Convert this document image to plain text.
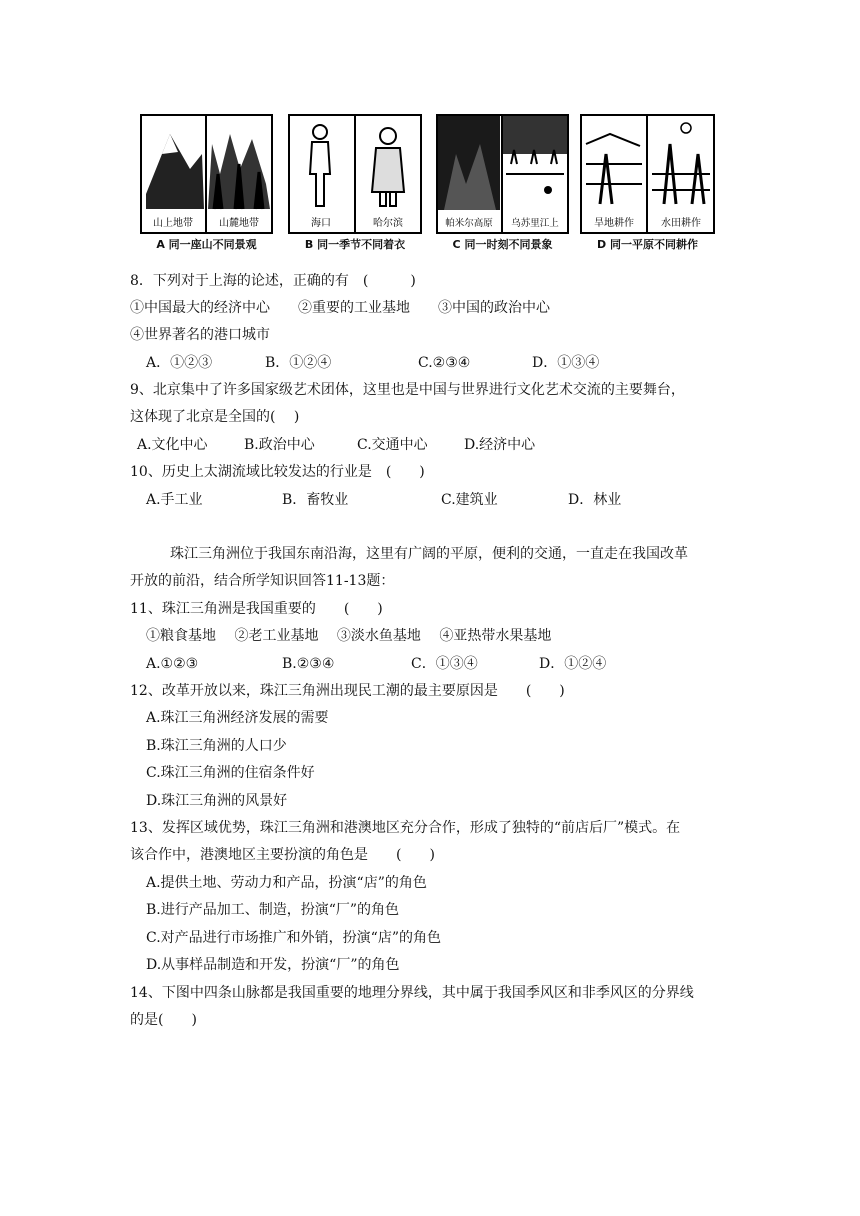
山上地带	山麓地带
A 同一座山不同景观
海口	哈尔滨
B 同一季节不同着衣
帕米尔高原 乌苏里江上
C 同一时刻不同景象
旱地耕作	水田耕作
D 同一平原不同耕作
8．下列对于上海的论述，正确的有　(　　　)
①中国最大的经济中心　　②重要的工业基地　　③中国的政治中心
④世界著名的港口城市
A．①②③	B．①②④	C.②③④	D．①③④
9、北京集中了许多国家级艺术团体，这里也是中国与世界进行文化艺术交流的主要舞台，
这体现了北京是全国的(　 )
A.文化中心	B.政治中心	C.交通中心	D.经济中心
10、历史上太湖流域比较发达的行业是　(　　)
A.手工业	B．畜牧业	C.建筑业	D．林业
珠江三角洲位于我国东南沿海，这里有广阔的平原，便利的交通，一直走在我国改革
开放的前沿，结合所学知识回答11-13题：
11、珠江三角洲是我国重要的　　(　　)
①粮食基地　 ②老工业基地　 ③淡水鱼基地　 ④亚热带水果基地
A.①②③	B.②③④	C．①③④	D．①②④
12、改革开放以来，珠江三角洲出现民工潮的最主要原因是　　(　　)
A.珠江三角洲经济发展的需要
B.珠江三角洲的人口少
C.珠江三角洲的住宿条件好
D.珠江三角洲的风景好
13、发挥区域优势，珠江三角洲和港澳地区充分合作，形成了独特的“前店后厂”模式。在
该合作中，港澳地区主要扮演的角色是　　(　　)
A.提供土地、劳动力和产品，扮演“店”的角色
B.进行产品加工、制造，扮演“厂”的角色
C.对产品进行市场推广和外销，扮演“店”的角色
D.从事样品制造和开发，扮演“厂”的角色
14、下图中四条山脉都是我国重要的地理分界线，其中属于我国季风区和非季风区的分界线
的是(　　)
